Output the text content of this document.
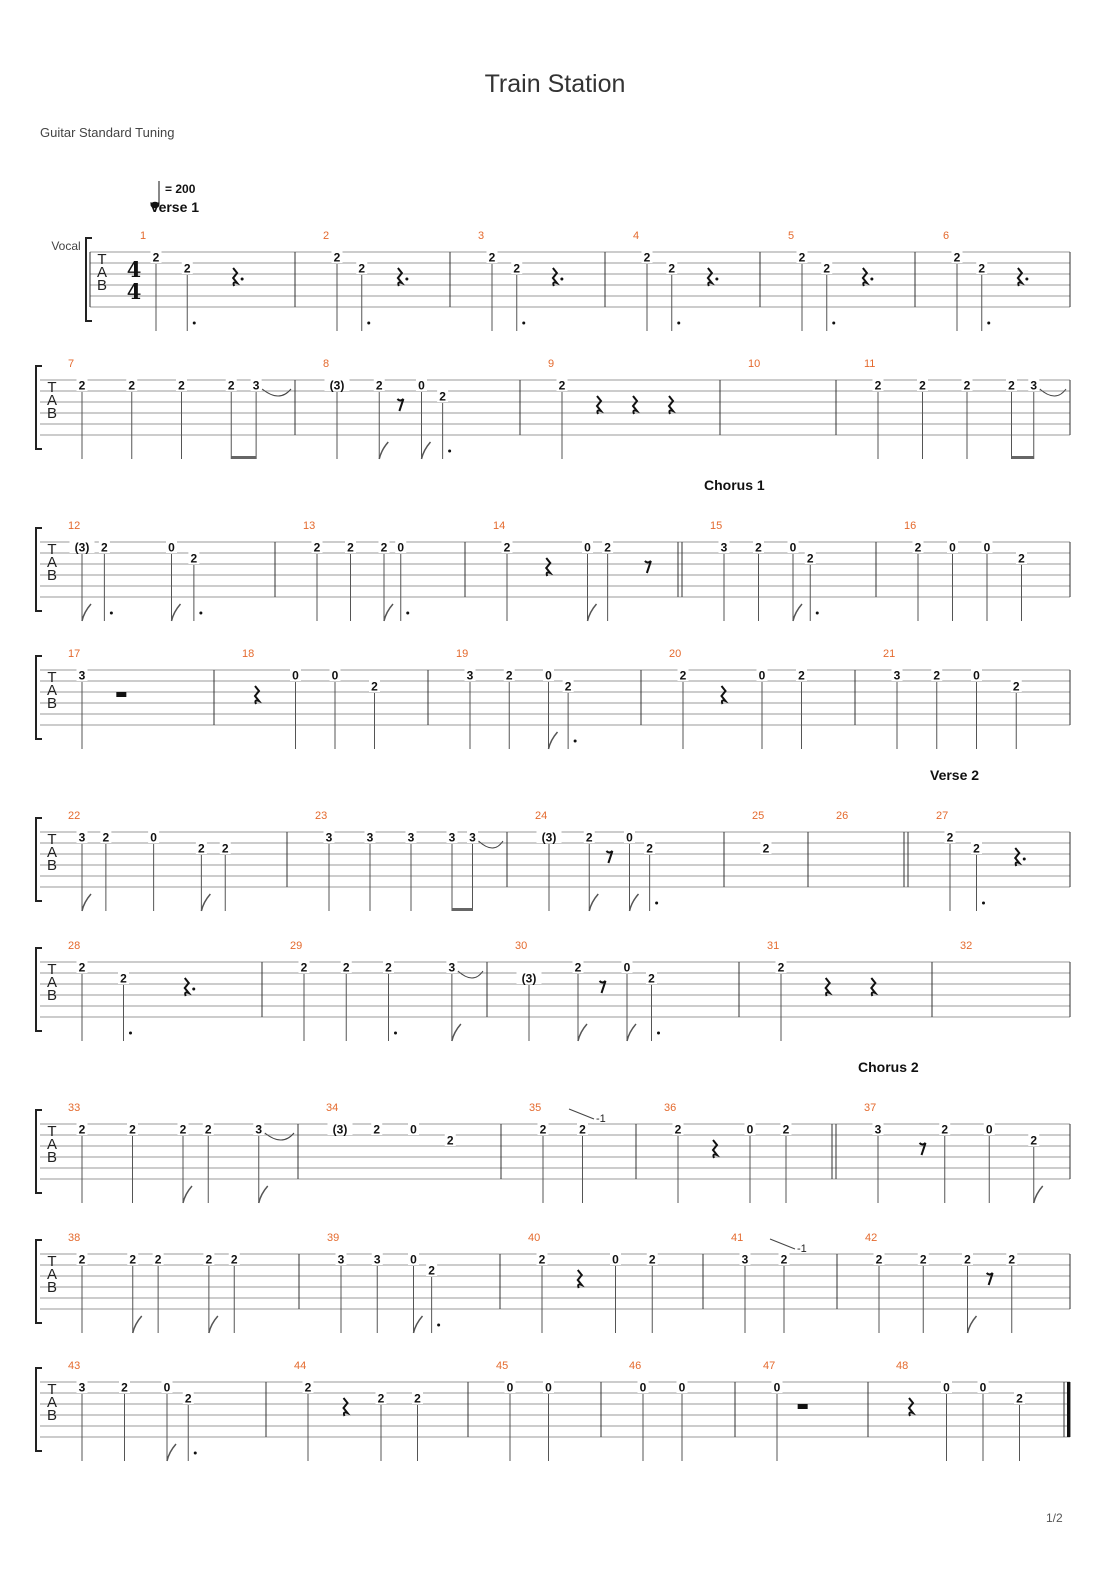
Train Station
Guitar Standard Tuning
1/2
T
A
B
Vocal
4
4
= 200
Verse 1
1
2
2
2
2
2
3
2
2
4
2
2
5
2
2
6
2
2
T
A
B
7
2	2	2	2 3
8
(3)	2	0
2
9
2
10	11
2	2	2	2 3
T
A
B
12
(3) 2	0
2
13
2 2 2 0
14
2	0 2
15
Chorus 1
3 2 0
2
16
2 0 0
2
T
A
B
17
3
18
0	0
2
19
3	2	0
2
20
2	0	2
21
3	2	0
2
T
A
B
22
3 2	0
2 2
23
3	3	3	3 3
24
(3) 2	0
2
25
2
26	27
Verse 2
2
2
T
A
B
28
2
2
29
2	2	2	3
30
(3)
2	0
2
31
2
32
T
A
B
33
2	2	2 2	3
34
(3) 2	0
2
35
2	2
-1
36
2	0 2
37
Chorus 2
3	2	0
2
T
A
B
38
2	2 2	2 2
39
3 3 0
2
40
2	0	2
41
3	2
-1
42
2	2	2	2
T
A
B
43
3	2	0
2
44
2
2 2
45
0	0
46
0	0
47
0
48
0 0
2
